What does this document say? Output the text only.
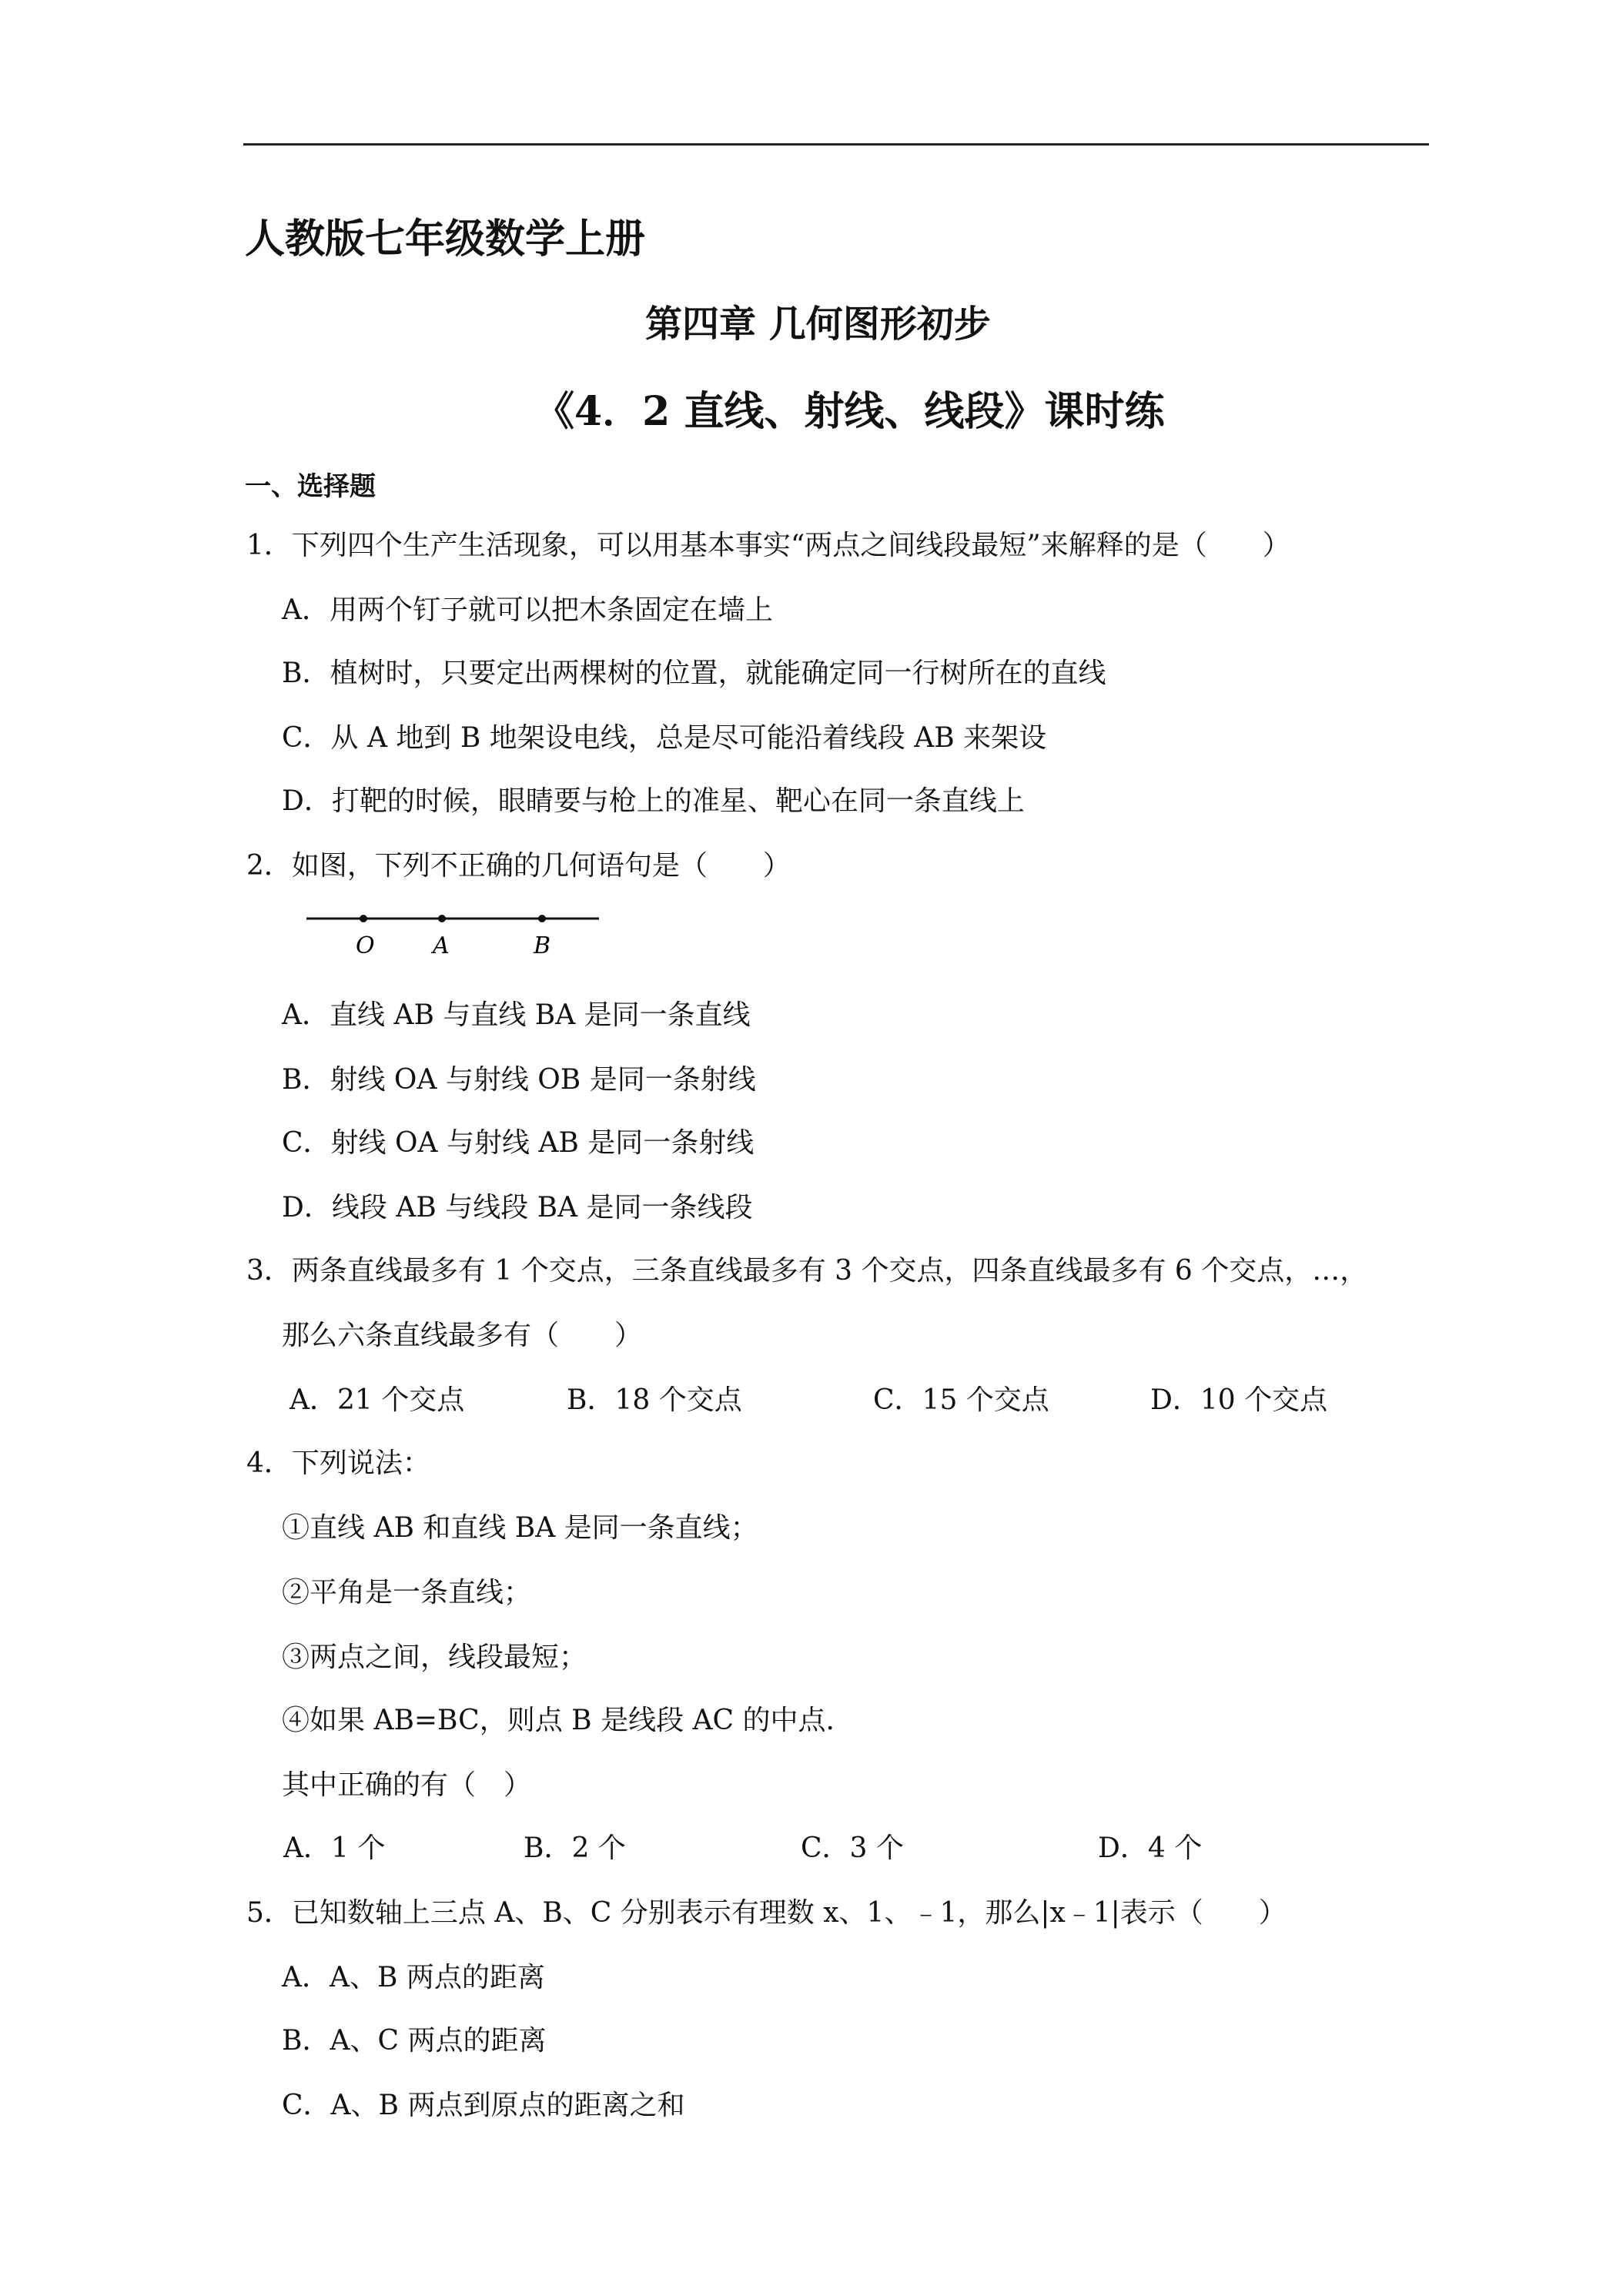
人教版七年级数学上册
第四章 几何图形初步
《4．2 直线、射线、线段》课时练
一、选择题
1．下列四个生产生活现象，可以用基本事实“两点之间线段最短”来解释的是（　　）
A．用两个钉子就可以把木条固定在墙上
B．植树时，只要定出两棵树的位置，就能确定同一行树所在的直线
C．从 A 地到 B 地架设电线，总是尽可能沿着线段 AB 来架设
D．打靶的时候，眼睛要与枪上的准星、靶心在同一条直线上
2．如图，下列不正确的几何语句是（　　）
O	A	B
A．直线 AB 与直线 BA 是同一条直线
B．射线 OA 与射线 OB 是同一条射线
C．射线 OA 与射线 AB 是同一条射线
D．线段 AB 与线段 BA 是同一条线段
3．两条直线最多有 1 个交点，三条直线最多有 3 个交点，四条直线最多有 6 个交点，…，
那么六条直线最多有（　　）
A．21 个交点	B．18 个交点	C．15 个交点	D．10 个交点
4．下列说法：
①直线 AB 和直线 BA 是同一条直线；
②平角是一条直线；
③两点之间，线段最短；
④如果 AB=BC，则点 B 是线段 AC 的中点.
其中正确的有（　）
A．1 个	B．2 个	C．3 个	D．4 个
5．已知数轴上三点 A、B、C 分别表示有理数 x、1、﹣1，那么|x﹣1|表示（　　）
A．A、B 两点的距离
B．A、C 两点的距离
C．A、B 两点到原点的距离之和
